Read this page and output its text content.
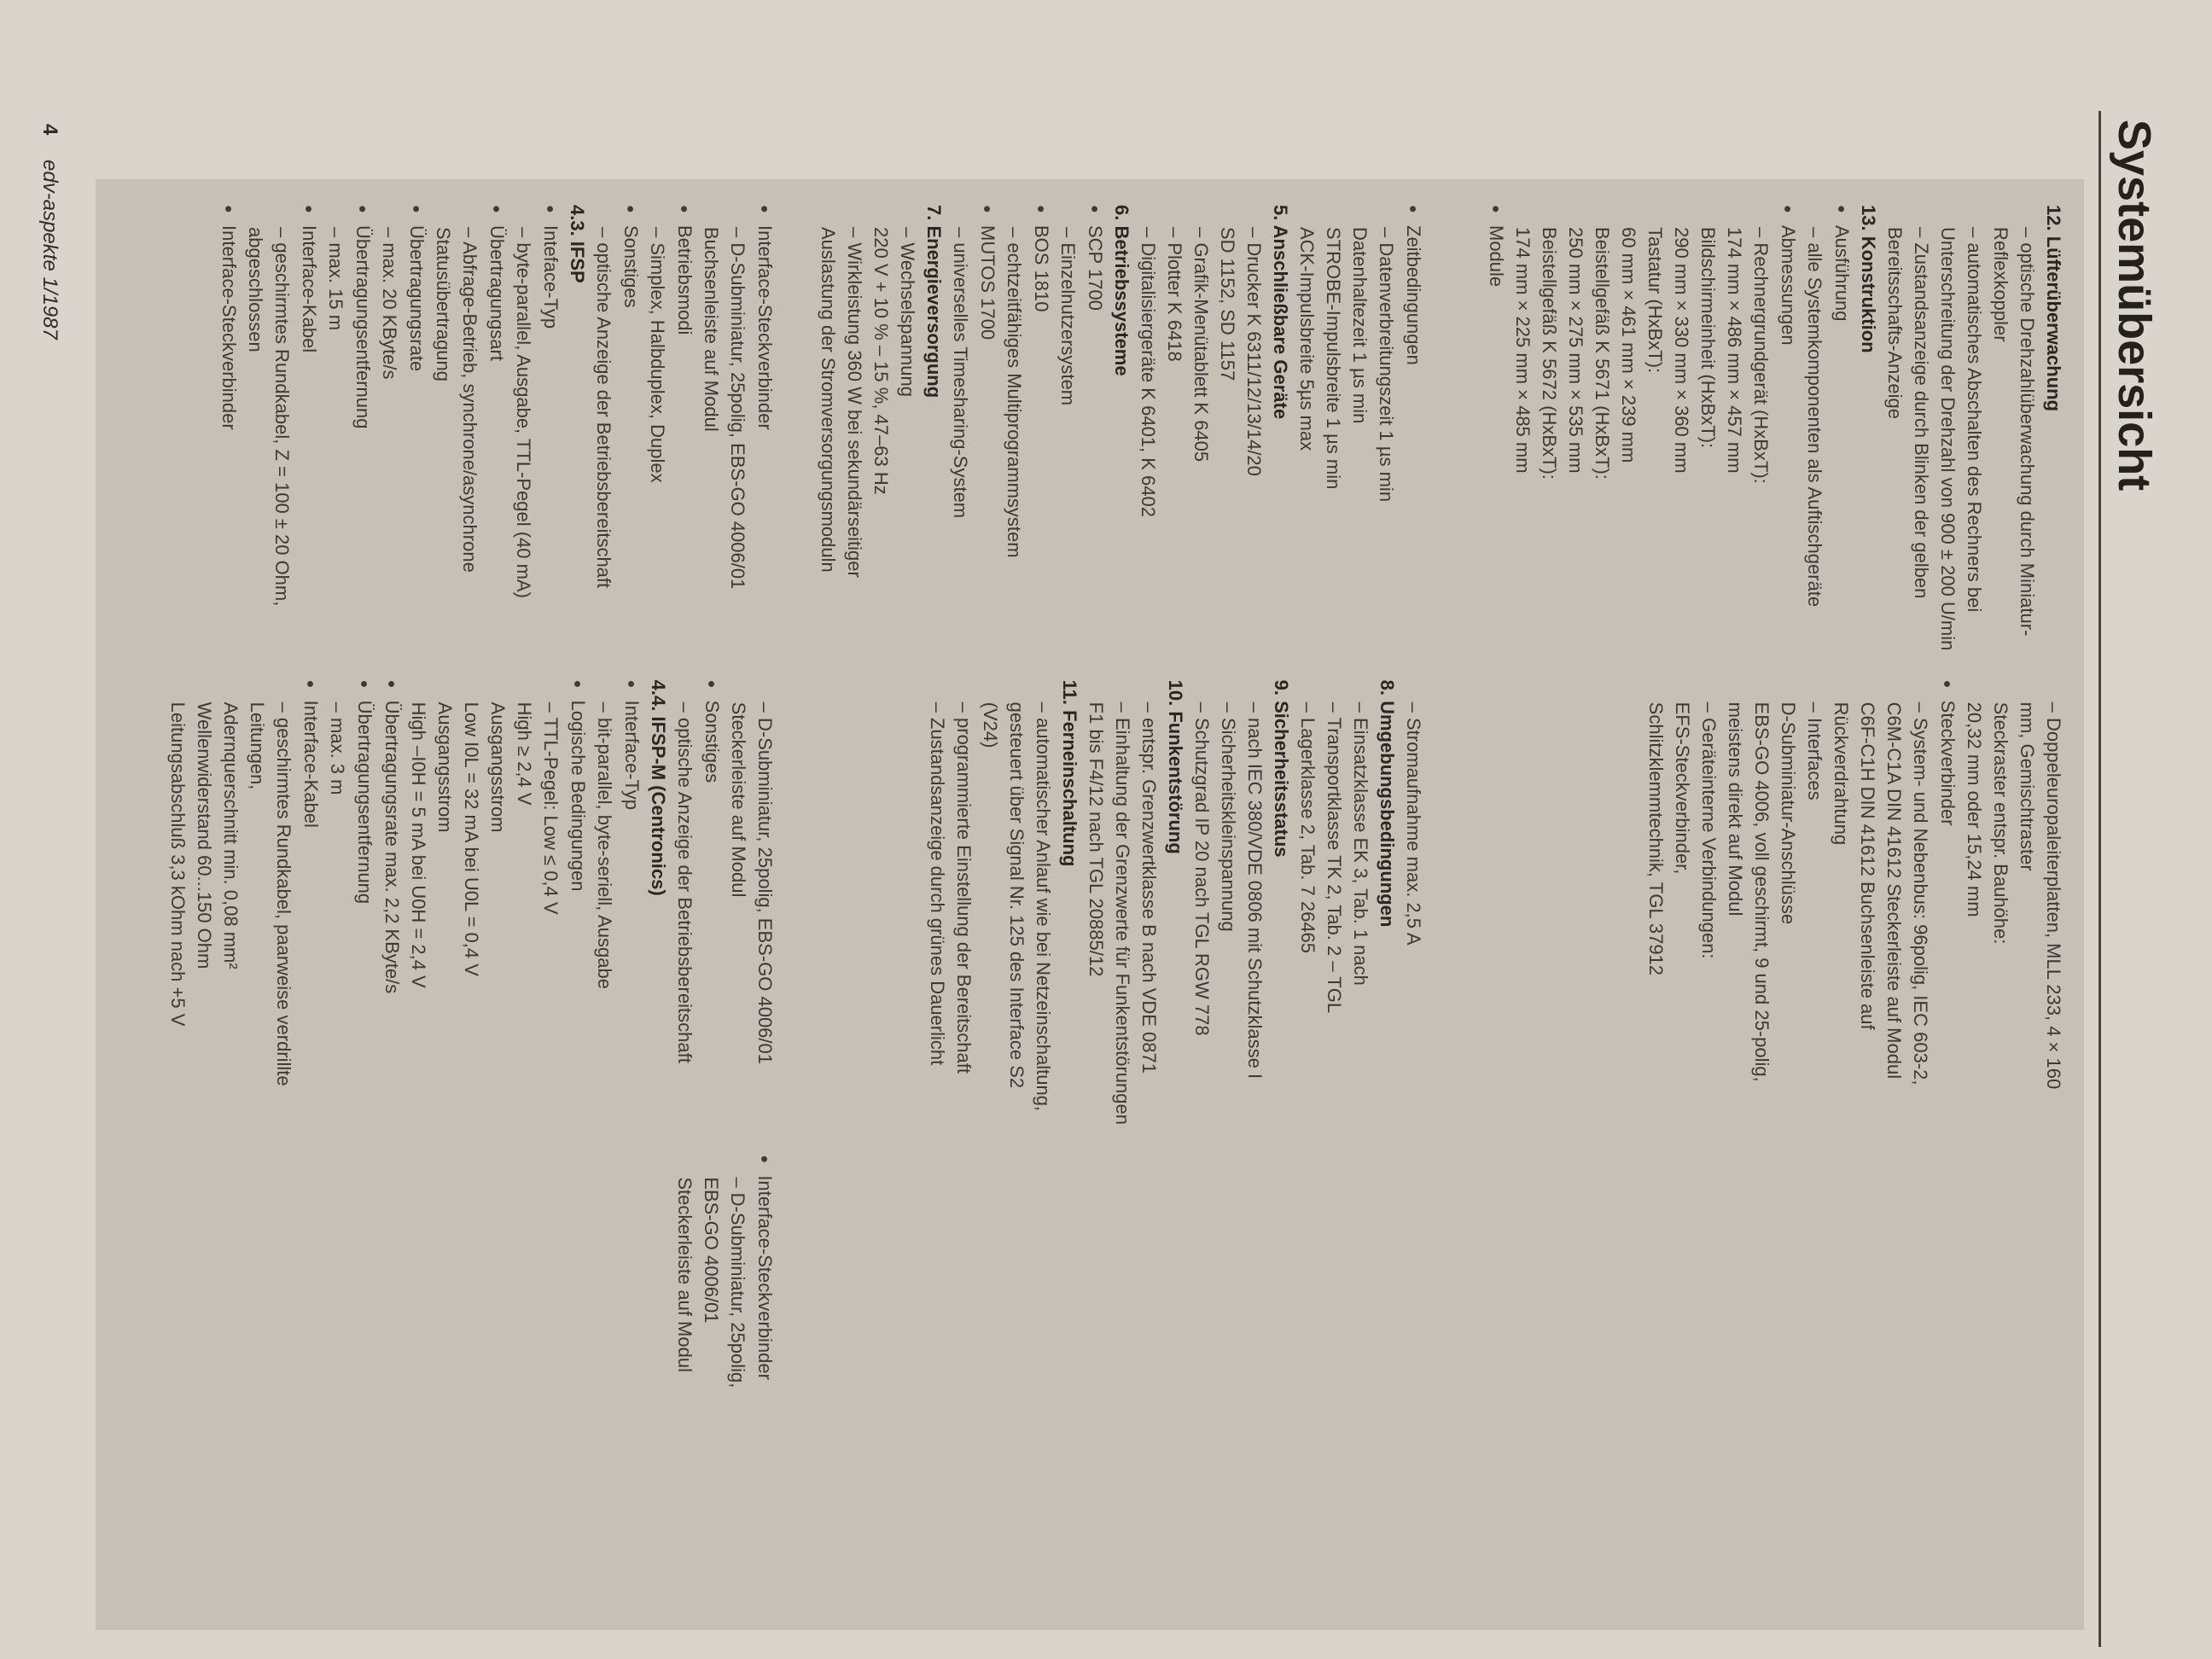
4 edv-aspekte 1/1987	Systemübersicht

● Interface-Steckverbinder

– D-Subminiatur, 25polig, EBS-GO 4006/01 Buchsenleiste auf Modul

● Betriebsmodi

– Simplex, Halbduplex, Duplex

● Sonstiges

– optische Anzeige der Betriebsbereitschaft

4.3. IFSP

● Inteface-Typ

– byte-parallel, Ausgabe, TTL-Pegel (40 mA)

● Übertragungsart

– Abfrage-Betrieb, synchrone/asynchrone Statusübertragung

● Übertragungsrate

– max. 20 KByte/s

● Übertragungsentfernung

– max. 15 m

● Interface-Kabel

– geschirmtes Rundkabel, Z = 100 ± 20 Ohm, abgeschlossen

● Interface-Steckverbinder

– D-Subminiatur, 25polig, EBS-GO 4006/01 Steckerleiste auf Modul

● Sonstiges

– optische Anzeige der Betriebsbereitschaft

4.4. IFSP-M (Centronics)

● Interface-Typ

– bit-parallel, byte-seriell, Ausgabe

● Logische Bedingungen

– TTL-Pegel: Low ≤ 0,4 V

High ≥ 2,4 V

Ausgangsstrom

Low I0L = 32 mA bei U0L = 0,4 V

Ausgangsstrom

High –I0H = 5 mA bei U0H = 2,4 V

● Übertragungsrate max. 2,2 KByte/s

● Übertragungsentfernung

– max. 3 m

● Interface-Kabel

– geschirmtes Rundkabel, paarweise verdrillte Leitungen,

Adernquerschnitt min. 0,08 mm²

Wellenwiderstand 60...150 Ohm

Leitungsabschluß 3,3 kOhm nach +5 V

● Interface-Steckverbinder

– D-Subminiatur, 25polig,

EBS-GO 4006/01

Steckerleiste auf Modul

● Zeitbedingungen

– Datenverbreitungszeit 1 µs min

Datenhaltezeit 1 µs min

STROBE-Impulsbreite 1 µs min

ACK-Impulsbreite 5µs max

5. Anschließbare Geräte

– Drucker K 6311/12/13/14/20

SD 1152, SD 1157

– Grafik-Menütablett K 6405

– Plotter K 6418

– Digitalisiergeräte K 6401, K 6402

6. Betriebssysteme

● SCP 1700

– Einzelnutzersystem

● BOS 1810

– echtzeitfähiges Multiprogrammsystem

● MUTOS 1700

– universelles Timesharing-System

7. Energieversorgung

– Wechselspannung

220 V + 10 % – 15 %, 47–63 Hz

– Wirkleistung 360 W bei sekundärseitiger Auslastung der Stromversorgungsmoduln

– Stromaufnahme max. 2,5 A

8. Umgebungsbedingungen

– Einsatzklasse EK 3, Tab. 1 nach

– Transportklasse TK 2, Tab. 2 – TGL

– Lagerklasse 2, Tab. 7 26465

9. Sicherheitsstatus

– nach IEC 380/VDE 0806 mit Schutzklasse I

– Sicherheitskleinspannung

– Schutzgrad IP 20 nach TGL RGW 778

10. Funkentstörung

– entspr. Grenzwertklasse B nach VDE 0871

– Einhaltung der Grenzwerte für Funkentstörungen F1 bis F4/12 nach TGL 20885/12

11. Ferneinschaltung

– automatischer Anlauf wie bei Netzeinschaltung, gesteuert über Signal Nr. 125 des Interface S2 (V24)

– programmierte Einstellung der Bereitschaft

– Zustandsanzeige durch grünes Dauerlicht

12. Lüfterüberwachung

– optische Drehzahlüberwachung durch Miniatur-Reflexkoppler

– automatisches Abschalten des Rechners bei Unterschreitung der Drehzahl von 900 ± 200 U/min

– Zustandsanzeige durch Blinken der gelben Bereitsschafts-Anzeige

13. Konstruktion

● Ausführung

– alle Systemkomponenten als Auftischgeräte

● Abmessungen

– Rechnergrundgerät (HxBxT):

174 mm × 486 mm × 457 mm

Bildschirmeinheit (HxBxT):

290 mm × 330 mm × 360 mm

Tastatur (HxBxT):

60 mm × 461 mm × 239 mm

Beistellgefäß K 5671 (HxBxT):

250 mm × 275 mm × 535 mm

Beistellgefäß K 5672 (HxBxT):

174 mm × 225 mm × 485 mm

● Module

– Doppeleuropaleiterplatten, MLL 233, 4 × 160 mm, Gemischtraster

Steckraster entspr. Bauhöhe:

20,32 mm oder 15,24 mm

● Steckverbinder

– System- und Nebenbus: 96polig, IEC 603-2,

C6M-C1A DIN 41612 Steckerleiste auf Modul

C6F-C1H DIN 41612 Buchsenleiste auf Rückverdrahtung

– Interfaces

D-Subminiatur-Anschlüsse

EBS-GO 4006, voll geschirmt, 9 und 25-polig, meistens direkt auf Modul

– Geräteinterne Verbindungen:

EFS-Steckverbinder,

Schlitzklemmtechnik, TGL 37912
